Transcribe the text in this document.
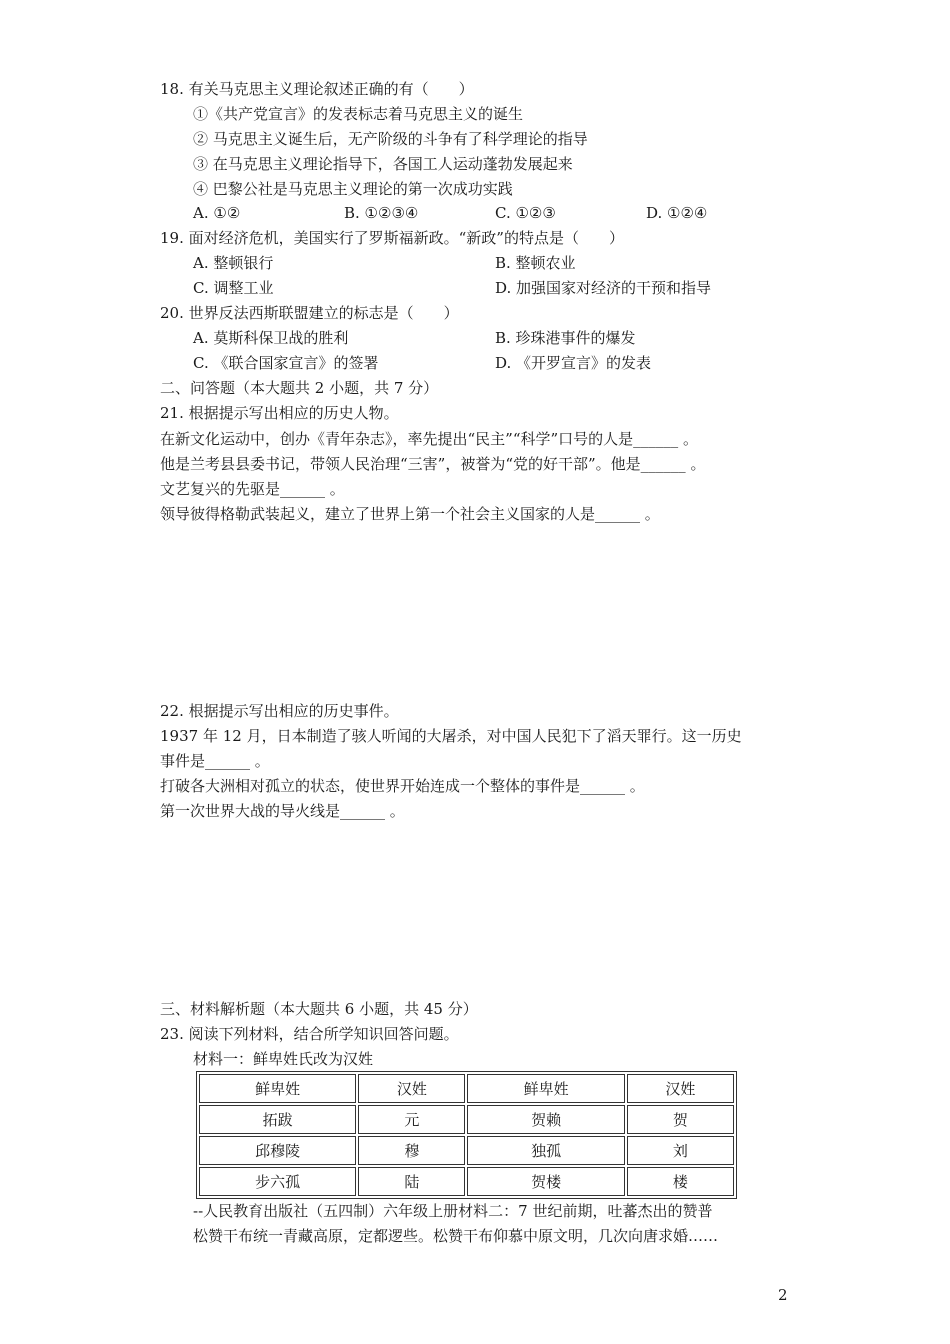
18. 有关马克思主义理论叙述正确的有（　　）
①《共产党宣言》的发表标志着马克思主义的诞生
② 马克思主义诞生后，无产阶级的斗争有了科学理论的指导
③ 在马克思主义理论指导下，各国工人运动蓬勃发展起来
④ 巴黎公社是马克思主义理论的第一次成功实践
A. ①②	B. ①②③④	C. ①②③	D. ①②④
19. 面对经济危机，美国实行了罗斯福新政。“新政”的特点是（　　）
A. 整顿银行	B. 整顿农业
C. 调整工业	D. 加强国家对经济的干预和指导
20. 世界反法西斯联盟建立的标志是（　　）
A. 莫斯科保卫战的胜利	B. 珍珠港事件的爆发
C. 《联合国家宣言》的签署	D. 《开罗宣言》的发表
二、问答题（本大题共 2 小题，共 7 分）
21. 根据提示写出相应的历史人物。
在新文化运动中，创办《青年杂志》，率先提出“民主”“科学”口号的人是______ 。
他是兰考县县委书记，带领人民治理“三害”，被誉为“党的好干部”。他是______ 。
文艺复兴的先驱是______ 。
领导彼得格勒武装起义，建立了世界上第一个社会主义国家的人是______ 。
22. 根据提示写出相应的历史事件。
1937 年 12 月，日本制造了骇人听闻的大屠杀，对中国人民犯下了滔天罪行。这一历史
事件是______ 。
打破各大洲相对孤立的状态，使世界开始连成一个整体的事件是______ 。
第一次世界大战的导火线是______ 。
三、材料解析题（本大题共 6 小题，共 45 分）
23. 阅读下列材料，结合所学知识回答问题。
材料一：鲜卑姓氏改为汉姓
鲜卑姓	汉姓	鲜卑姓	汉姓
拓跋	元	贺赖	贺
邱穆陵	穆	独孤	刘
步六孤	陆	贺楼	楼
--人民教育出版社（五四制）六年级上册材料二：7 世纪前期，吐蕃杰出的赞普
松赞干布统一青藏高原，定都逻些。松赞干布仰慕中原文明，几次向唐求婚……
2
